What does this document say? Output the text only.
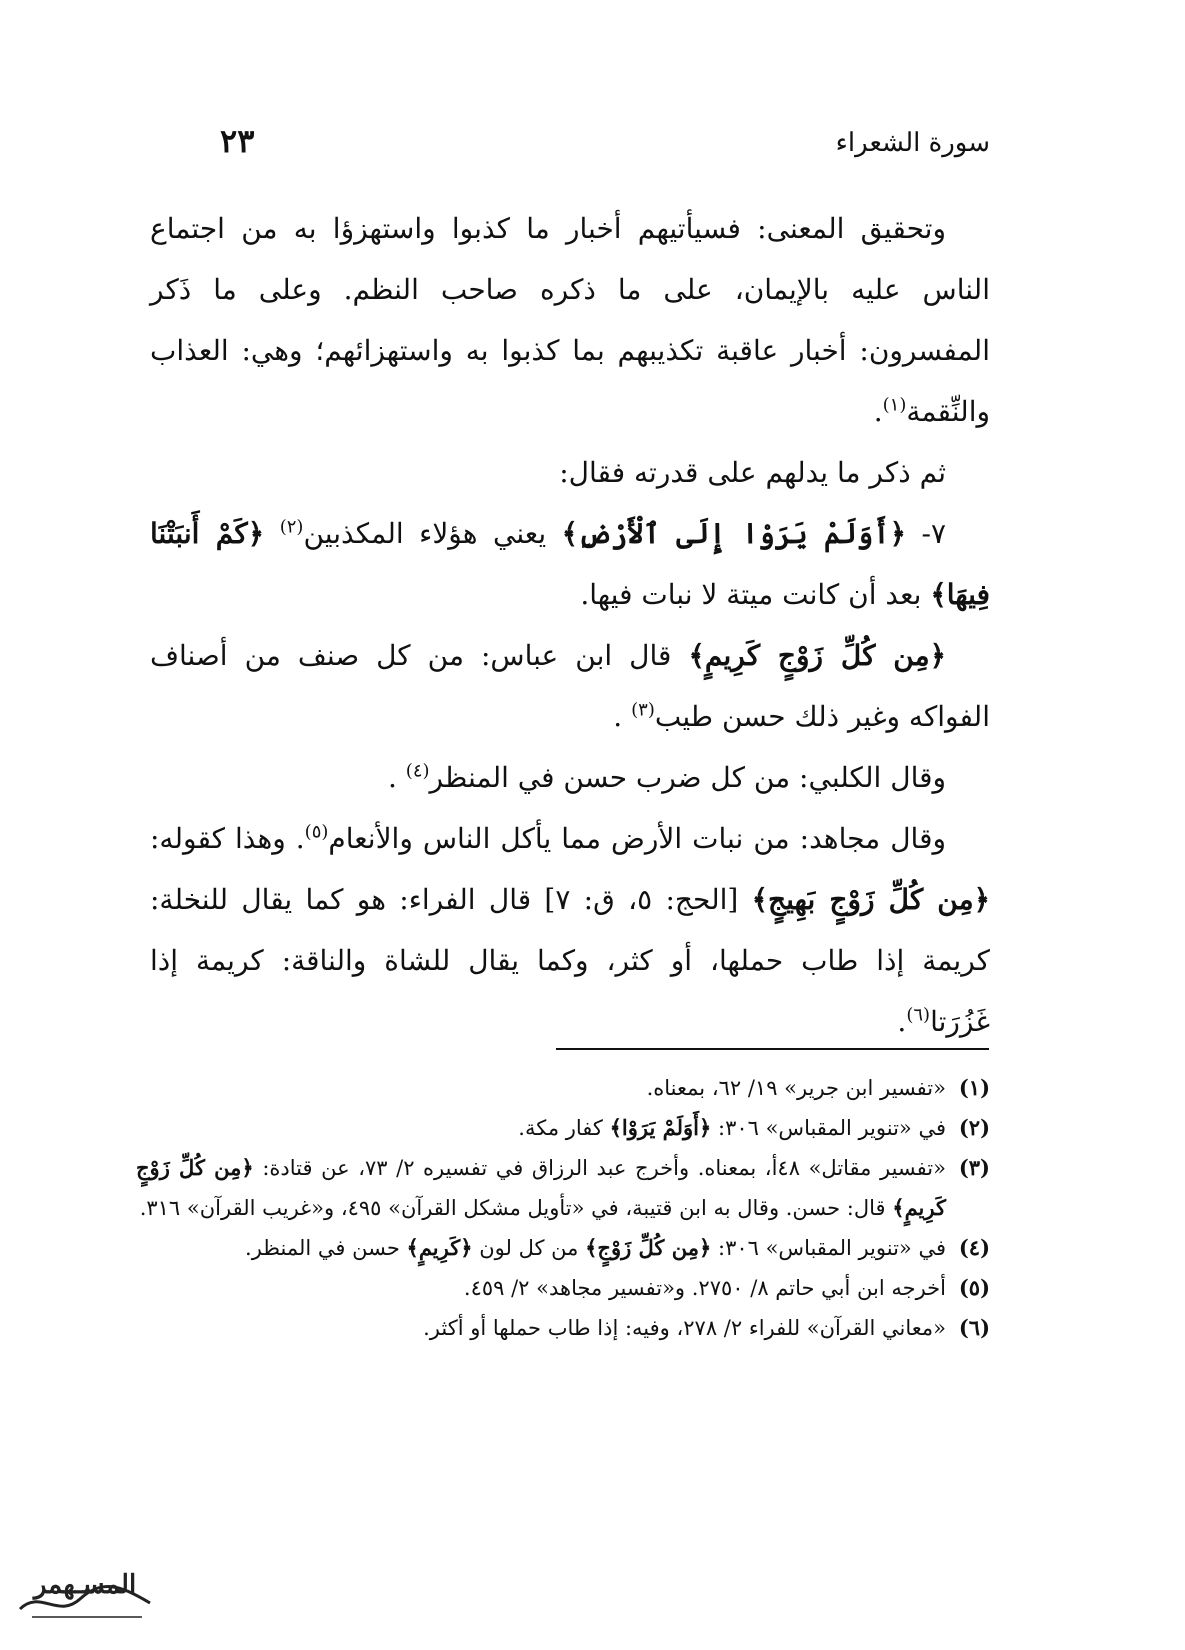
سورة الشعراء
٢٣

وتحقيق المعنى: فسيأتيهم أخبار ما كذبوا واستهزؤا به من اجتماع الناس عليه بالإيمان، على ما ذكره صاحب النظم. وعلى ما ذَكر المفسرون: أخبار عاقبة تكذيبهم بما كذبوا به واستهزائهم؛ وهي: العذاب والنِّقمة$^{(١)}$.

ثم ذكر ما يدلهم على قدرته فقال:

٧- ﴿أَوَلَمْ يَرَوْا إِلَى ٱلْأَرْضِ﴾ يعني هؤلاء المكذبين$^{(٢)}$ ﴿كَمْ أَنبَتْنَا فِيهَا﴾ بعد أن كانت ميتة لا نبات فيها.

﴿مِن كُلِّ زَوْجٍ كَرِيمٍ﴾ قال ابن عباس: من كل صنف من أصناف الفواكه وغير ذلك حسن طيب$^{(٣)}$ .

وقال الكلبي: من كل ضرب حسن في المنظر$^{(٤)}$ .

وقال مجاهد: من نبات الأرض مما يأكل الناس والأنعام$^{(٥)}$. وهذا كقوله: ﴿مِن كُلِّ زَوْجٍ بَهِيجٍ﴾ [الحج: ٥، ق: ٧] قال الفراء: هو كما يقال للنخلة: كريمة إذا طاب حملها، أو كثر، وكما يقال للشاة والناقة: كريمة إذا غَزُرَتا$^{(٦)}$.

(١)«تفسير ابن جرير» ١٩/ ٦٢، بمعناه.

(٢)في «تنوير المقباس» ٣٠٦: ﴿أَوَلَمْ يَرَوْا﴾ كفار مكة.

(٣)«تفسير مقاتل» ٤٨أ، بمعناه. وأخرج عبد الرزاق في تفسيره ٢/ ٧٣، عن قتادة: ﴿مِن كُلِّ زَوْجٍ كَرِيمٍ﴾ قال: حسن. وقال به ابن قتيبة، في «تأويل مشكل القرآن» ٤٩٥، و«غريب القرآن» ٣١٦.

(٤)في «تنوير المقباس» ٣٠٦: ﴿مِن كُلِّ زَوْجٍ﴾ من كل لون ﴿كَرِيمٍ﴾ حسن في المنظر.

(٥)أخرجه ابن أبي حاتم ٨/ ٢٧٥٠. و«تفسير مجاهد» ٢/ ٤٥٩.

(٦)«معاني القرآن» للفراء ٢/ ٢٧٨، وفيه: إذا طاب حملها أو أكثر.

المسـهمر
